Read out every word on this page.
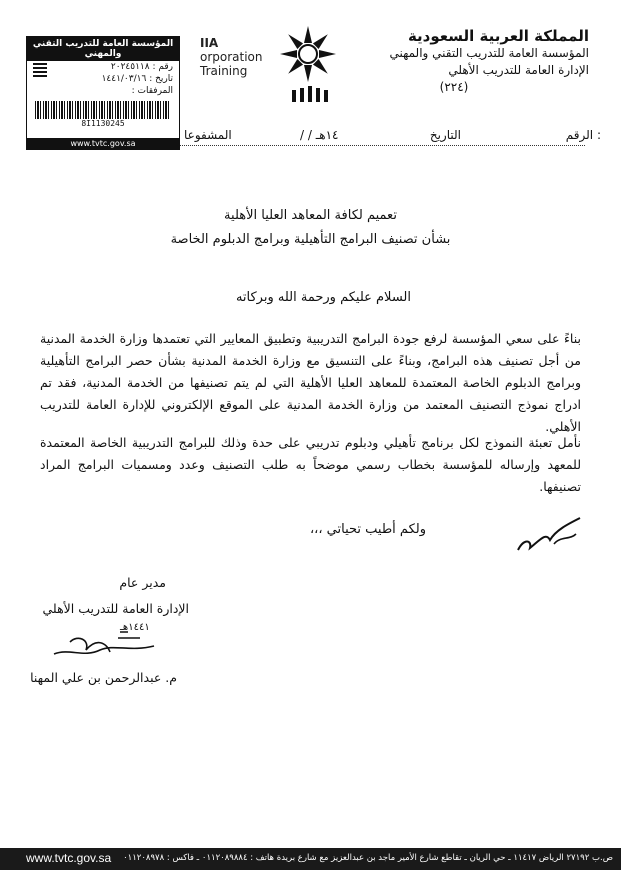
المملكة العربية السعودية
المؤسسة العامة للتدريب التقني والمهني
الإدارة العامة للتدريب الأهلي
(٢٢٤)
IIA
orporation
Training
المؤسسة العامة للتدريب التقني والمهني
رقم : ٢٠٢٤٥١١٨
تاريخ : ١٤٤١/٠٣/١٦
المرفقات :
8I1130245
www.tvtc.gov.sa
الرقم :
التاريخ
/ / ١٤هـ
المشفوعا
تعميم لكافة المعاهد العليا الأهلية
بشأن تصنيف البرامج التأهيلية وبرامج الدبلوم الخاصة
السلام عليكم ورحمة الله وبركاته
بناءً على سعي المؤسسة لرفع جودة البرامج التدريبية وتطبيق المعايير التي تعتمدها وزارة الخدمة المدنية من أجل تصنيف هذه البرامج، وبناءً على التنسيق مع وزارة الخدمة المدنية بشأن حصر البرامج التأهيلية وبرامج الدبلوم الخاصة المعتمدة للمعاهد العليا الأهلية التي لم يتم تصنيفها من الخدمة المدنية، فقد تم ادراج نموذج التصنيف المعتمد من وزارة الخدمة المدنية على الموقع الإلكتروني للإدارة العامة للتدريب الأهلي.
نأمل تعبئة النموذج لكل برنامج تأهيلي ودبلوم تدريبي على حدة وذلك للبرامج التدريبية الخاصة المعتمدة للمعهد وإرساله للمؤسسة بخطاب رسمي موضحاً به طلب التصنيف وعدد ومسميات البرامج المراد تصنيفها.
ولكم أطيب تحياتي ،،،
مدير عام
الإدارة العامة للتدريب الأهلي
١٤٤١هـ
م. عبدالرحمن بن علي المهنا
www.tvtc.gov.sa ص.ب ٢٧١٩٢ الرياض ١١٤١٧ ـ حي الريان ـ تقاطع شارع الأمير ماجد بن عبدالعزيز مع شارع بريدة هاتف : ٠١١٢٠٨٩٨٨٤ ـ فاكس : ٠١١٢٠٨٩٧٨
